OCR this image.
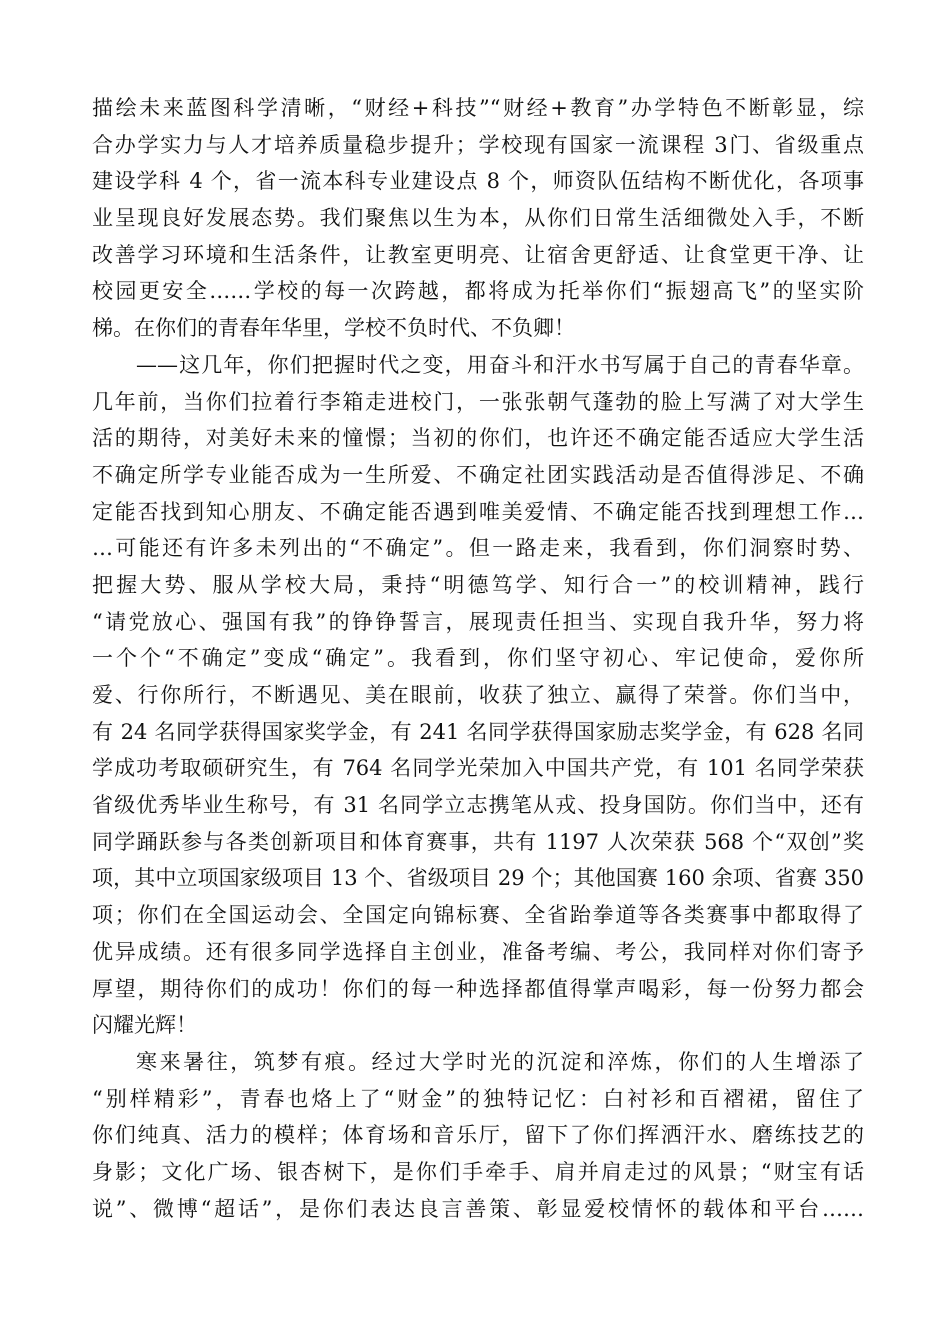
描绘未来蓝图科学清晰，“财经+科技”“财经+教育”办学特色不断彰显，综
合办学实力与人才培养质量稳步提升；学校现有国家一流课程 3门、省级重点
建设学科 4 个，省一流本科专业建设点 8 个，师资队伍结构不断优化，各项事
业呈现良好发展态势。我们聚焦以生为本，从你们日常生活细微处入手，不断
改善学习环境和生活条件，让教室更明亮、让宿舍更舒适、让食堂更干净、让
校园更安全……学校的每一次跨越，都将成为托举你们“振翅高飞”的坚实阶
梯。在你们的青春年华里，学校不负时代、不负卿！
——这几年，你们把握时代之变，用奋斗和汗水书写属于自己的青春华章。
几年前，当你们拉着行李箱走进校门，一张张朝气蓬勃的脸上写满了对大学生
活的期待，对美好未来的憧憬；当初的你们，也许还不确定能否适应大学生活
不确定所学专业能否成为一生所爱、不确定社团实践活动是否值得涉足、不确
定能否找到知心朋友、不确定能否遇到唯美爱情、不确定能否找到理想工作…
…可能还有许多未列出的“不确定”。但一路走来，我看到，你们洞察时势、
把握大势、服从学校大局，秉持“明德笃学、知行合一”的校训精神，践行
“请党放心、强国有我”的铮铮誓言，展现责任担当、实现自我升华，努力将
一个个“不确定”变成“确定”。我看到，你们坚守初心、牢记使命，爱你所
爱、行你所行，不断遇见、美在眼前，收获了独立、赢得了荣誉。你们当中，
有 24 名同学获得国家奖学金，有 241 名同学获得国家励志奖学金，有 628 名同
学成功考取硕研究生，有 764 名同学光荣加入中国共产党，有 101 名同学荣获
省级优秀毕业生称号，有 31 名同学立志携笔从戎、投身国防。你们当中，还有
同学踊跃参与各类创新项目和体育赛事，共有 1197 人次荣获 568 个“双创”奖
项，其中立项国家级项目 13 个、省级项目 29 个；其他国赛 160 余项、省赛 350
项；你们在全国运动会、全国定向锦标赛、全省跆拳道等各类赛事中都取得了
优异成绩。还有很多同学选择自主创业，准备考编、考公，我同样对你们寄予
厚望，期待你们的成功！你们的每一种选择都值得掌声喝彩，每一份努力都会
闪耀光辉！
寒来暑往，筑梦有痕。经过大学时光的沉淀和淬炼，你们的人生增添了
“别样精彩”，青春也烙上了“财金”的独特记忆：白衬衫和百褶裙，留住了
你们纯真、活力的模样；体育场和音乐厅，留下了你们挥洒汗水、磨练技艺的
身影；文化广场、银杏树下，是你们手牵手、肩并肩走过的风景；“财宝有话
说”、微博“超话”，是你们表达良言善策、彰显爱校情怀的载体和平台……
